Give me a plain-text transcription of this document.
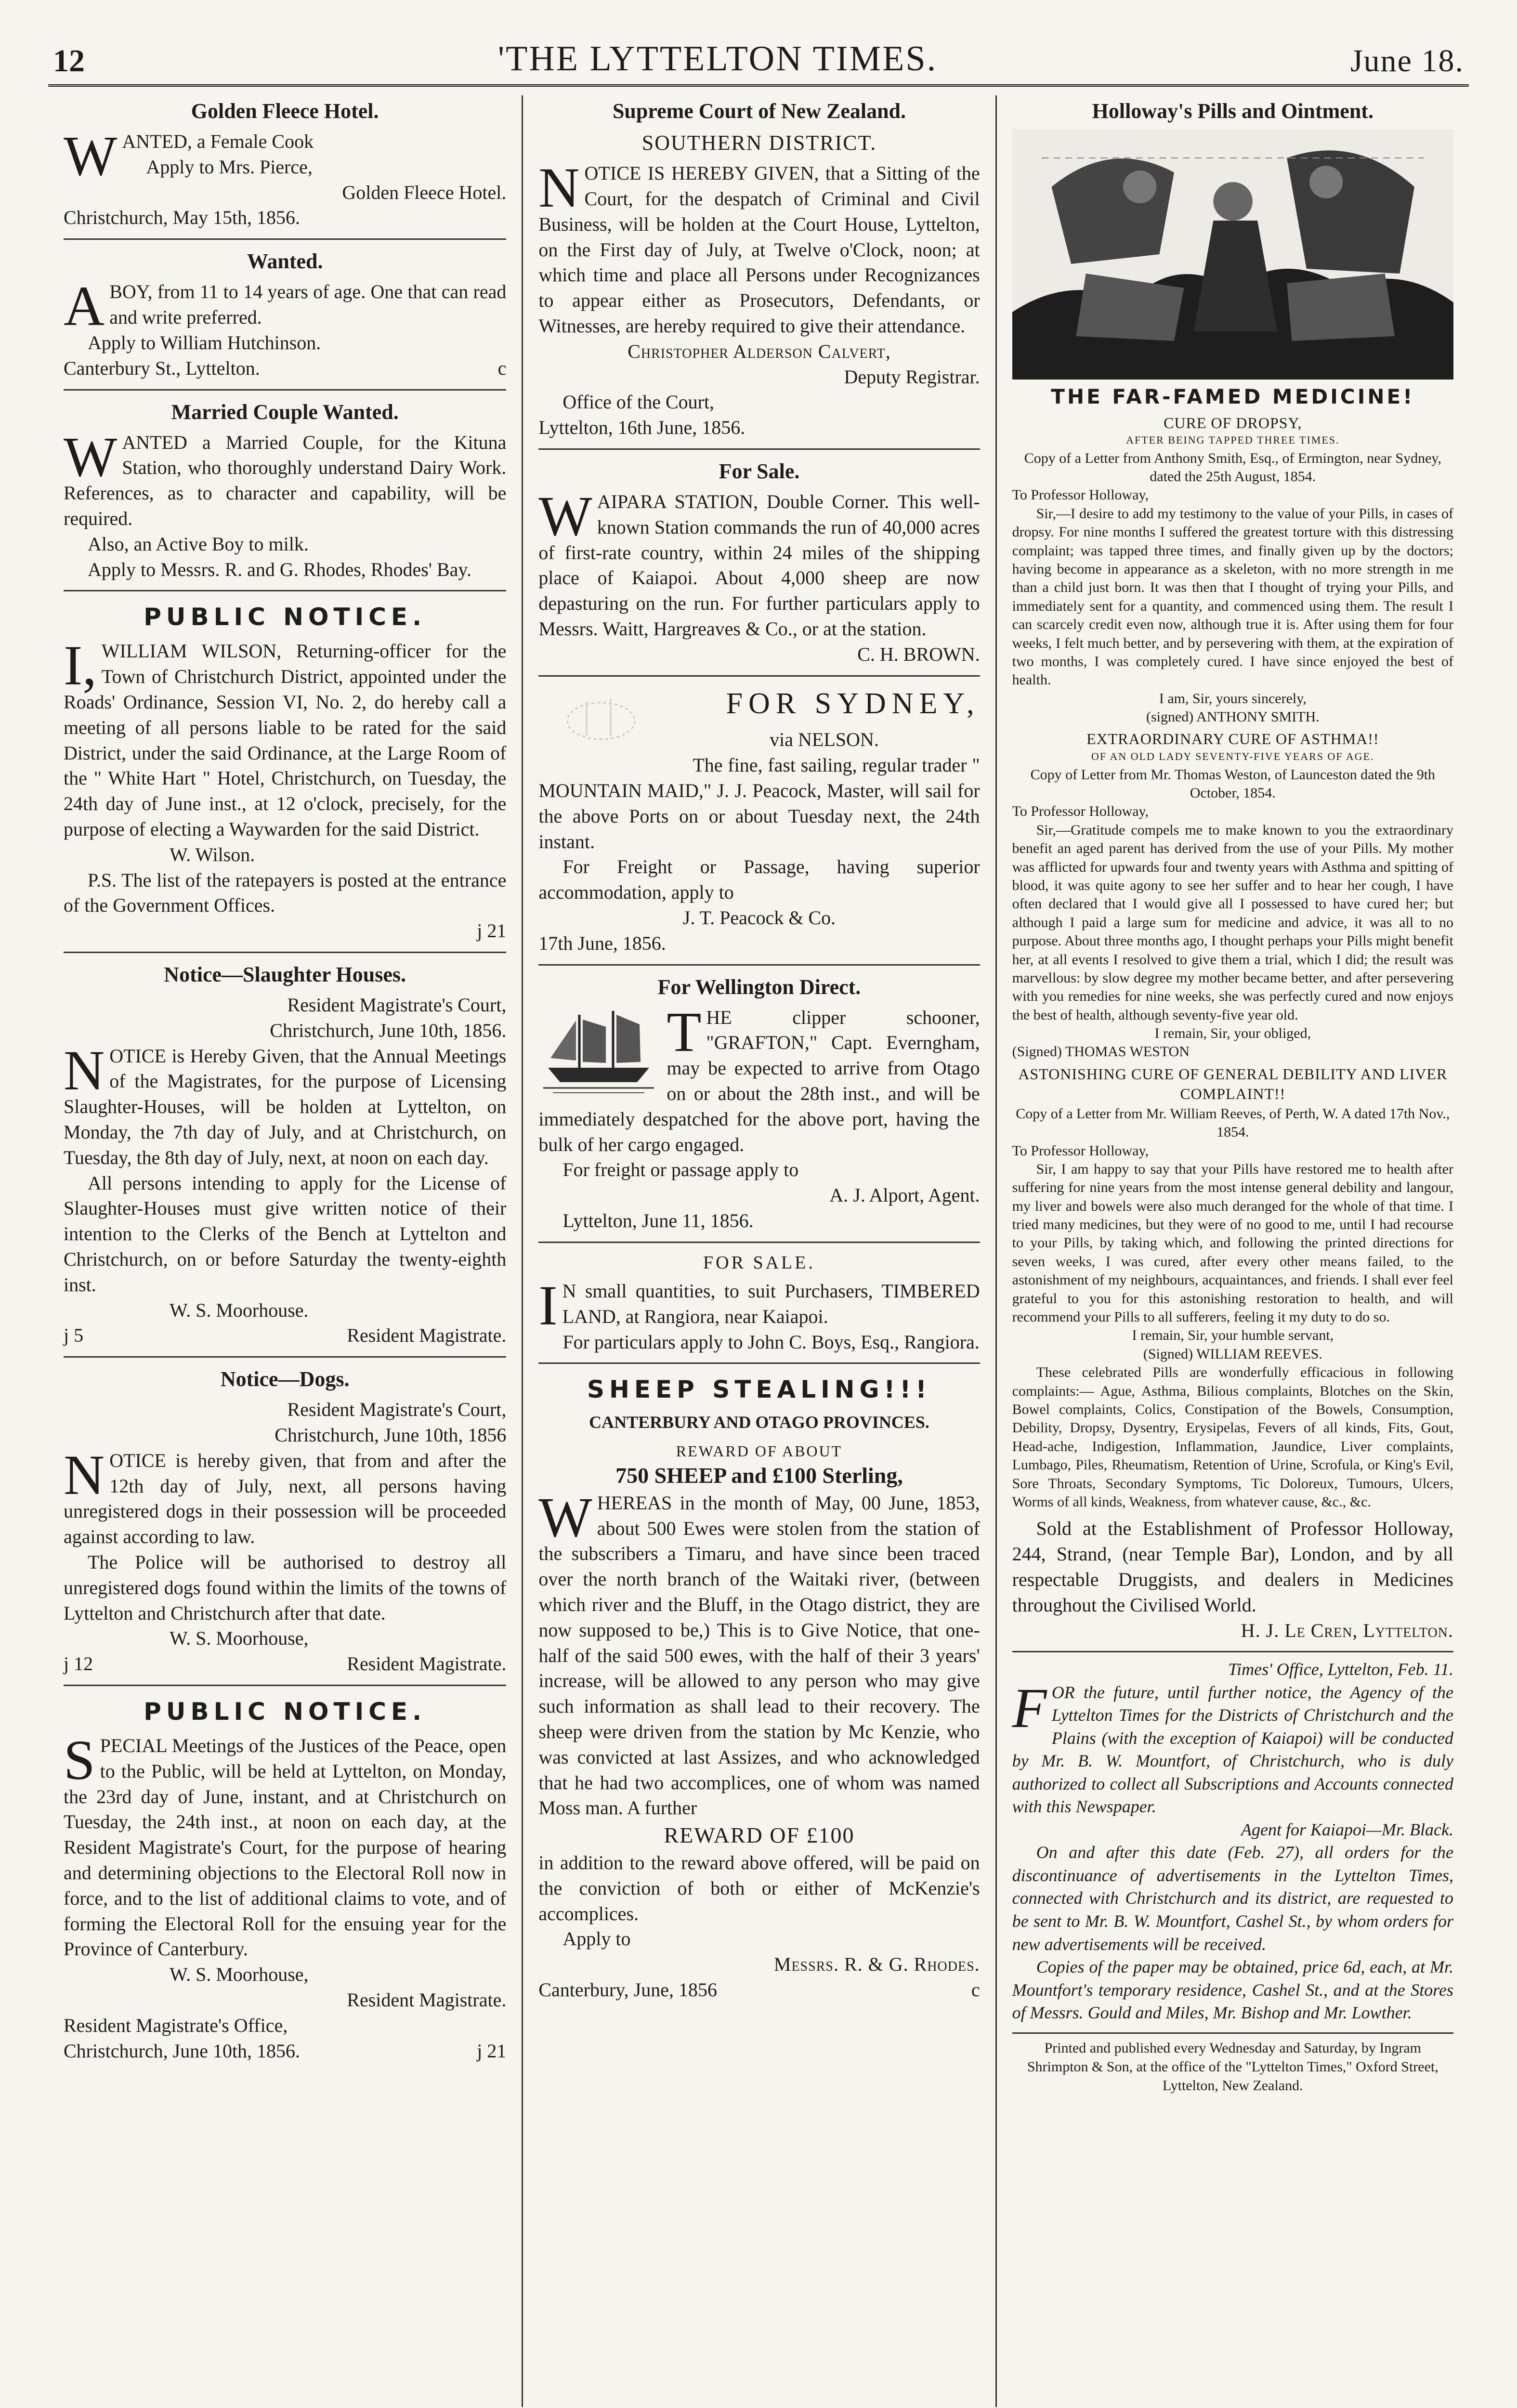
12	'THE LYTTELTON TIMES.	June 18.

Golden Fleece Hotel.

WANTED, a Female Cook

Apply to Mrs. Pierce,

Golden Fleece Hotel.

Christchurch, May 15th, 1856.

Wanted.

ABOY, from 11 to 14 years of age. One that can read and write preferred.

Apply to William Hutchinson.

Canterbury St., Lyttelton.	c

Married Couple Wanted.

WANTED a Married Couple, for the Kituna Station, who thoroughly understand Dairy Work. References, as to character and capability, will be required.

Also, an Active Boy to milk.

Apply to Messrs. R. and G. Rhodes, Rhodes' Bay.

PUBLIC NOTICE.

I,WILLIAM WILSON, Returning-officer for the Town of Christchurch District, appointed under the Roads' Ordinance, Session VI, No. 2, do hereby call a meeting of all persons liable to be rated for the said District, under the said Ordinance, at the Large Room of the " White Hart " Hotel, Christchurch, on Tuesday, the 24th day of June inst., at 12 o'clock, precisely, for the purpose of electing a Waywarden for the said District.

W. Wilson.

P.S. The list of the ratepayers is posted at the entrance of the Government Offices.

j 21

Notice—Slaughter Houses.

Resident Magistrate's Court,

Christchurch, June 10th, 1856.

NOTICE is Hereby Given, that the Annual Meetings of the Magistrates, for the purpose of Licensing Slaughter-Houses, will be holden at Lyttelton, on Monday, the 7th day of July, and at Christchurch, on Tuesday, the 8th day of July, next, at noon on each day.

All persons intending to apply for the License of Slaughter-Houses must give written notice of their intention to the Clerks of the Bench at Lyttelton and Christchurch, on or before Saturday the twenty-eighth inst.

W. S. Moorhouse.

j 5	Resident Magistrate.

Notice—Dogs.

Resident Magistrate's Court,

Christchurch, June 10th, 1856

NOTICE is hereby given, that from and after the 12th day of July, next, all persons having unregistered dogs in their possession will be proceeded against according to law.

The Police will be authorised to destroy all unregistered dogs found within the limits of the towns of Lyttelton and Christchurch after that date.

W. S. Moorhouse,

j 12	Resident Magistrate.

PUBLIC NOTICE.

SPECIAL Meetings of the Justices of the Peace, open to the Public, will be held at Lyttelton, on Monday, the 23rd day of June, instant, and at Christchurch on Tuesday, the 24th inst., at noon on each day, at the Resident Magistrate's Court, for the purpose of hearing and determining objections to the Electoral Roll now in force, and to the list of additional claims to vote, and of forming the Electoral Roll for the ensuing year for the Province of Canterbury.

W. S. Moorhouse,

Resident Magistrate.

Resident Magistrate's Office,

Christchurch, June 10th, 1856.	j 21

Supreme Court of New Zealand.

SOUTHERN DISTRICT.

NOTICE IS HEREBY GIVEN, that a Sitting of the Court, for the despatch of Criminal and Civil Business, will be holden at the Court House, Lyttelton, on the First day of July, at Twelve o'Clock, noon; at which time and place all Persons under Recognizances to appear either as Prosecutors, Defendants, or Witnesses, are hereby required to give their attendance.

Christopher Alderson Calvert,

Deputy Registrar.

Office of the Court,

Lyttelton, 16th June, 1856.

For Sale.

WAIPARA STATION, Double Corner. This well-known Station commands the run of 40,000 acres of first-rate country, within 24 miles of the shipping place of Kaiapoi. About 4,000 sheep are now depasturing on the run. For further particulars apply to Messrs. Waitt, Hargreaves & Co., or at the station.

C. H. BROWN.

FOR SYDNEY,

via NELSON.

The fine, fast sailing, regular trader " MOUNTAIN MAID," J. J. Peacock, Master, will sail for the above Ports on or about Tuesday next, the 24th instant.

For Freight or Passage, having superior accommodation, apply to

J. T. Peacock & Co.

17th June, 1856.

For Wellington Direct.

THE clipper schooner, "GRAFTON," Capt. Everngham, may be expected to arrive from Otago on or about the 28th inst., and will be immediately despatched for the above port, having the bulk of her cargo engaged.

For freight or passage apply to

A. J. Alport, Agent.

Lyttelton, June 11, 1856.

FOR SALE.

IN small quantities, to suit Purchasers, TIMBERED LAND, at Rangiora, near Kaiapoi.

For particulars apply to John C. Boys, Esq., Rangiora.

SHEEP STEALING!!!

CANTERBURY AND OTAGO PROVINCES.

REWARD OF ABOUT

750 SHEEP and £100 Sterling,

WHEREAS in the month of May, 00 June, 1853, about 500 Ewes were stolen from the station of the subscribers a Timaru, and have since been traced over the north branch of the Waitaki river, (between which river and the Bluff, in the Otago district, they are now supposed to be,) This is to Give Notice, that one-half of the said 500 ewes, with the half of their 3 years' increase, will be allowed to any person who may give such information as shall lead to their recovery. The sheep were driven from the station by Mc Kenzie, who was convicted at last Assizes, and who acknowledged that he had two accomplices, one of whom was named Moss man. A further

REWARD OF £100

in addition to the reward above offered, will be paid on the conviction of both or either of McKenzie's accomplices.

Apply to

Messrs. R. & G. Rhodes.

Canterbury, June, 1856	c

Holloway's Pills and Ointment.

THE FAR-FAMED MEDICINE!

CURE OF DROPSY,

AFTER BEING TAPPED THREE TIMES.

Copy of a Letter from Anthony Smith, Esq., of Ermington, near Sydney, dated the 25th August, 1854.

To Professor Holloway,

Sir,—I desire to add my testimony to the value of your Pills, in cases of dropsy. For nine months I suffered the greatest torture with this distressing complaint; was tapped three times, and finally given up by the doctors; having become in appearance as a skeleton, with no more strength in me than a child just born. It was then that I thought of trying your Pills, and immediately sent for a quantity, and commenced using them. The result I can scarcely credit even now, although true it is. After using them for four weeks, I felt much better, and by persevering with them, at the expiration of two months, I was completely cured. I have since enjoyed the best of health.

I am, Sir, yours sincerely,

(signed) ANTHONY SMITH.

EXTRAORDINARY CURE OF ASTHMA!!

OF AN OLD LADY SEVENTY-FIVE YEARS OF AGE.

Copy of Letter from Mr. Thomas Weston, of Launceston dated the 9th October, 1854.

To Professor Holloway,

Sir,—Gratitude compels me to make known to you the extraordinary benefit an aged parent has derived from the use of your Pills. My mother was afflicted for upwards four and twenty years with Asthma and spitting of blood, it was quite agony to see her suffer and to hear her cough, I have often declared that I would give all I possessed to have cured her; but although I paid a large sum for medicine and advice, it was all to no purpose. About three months ago, I thought perhaps your Pills might benefit her, at all events I resolved to give them a trial, which I did; the result was marvellous: by slow degree my mother became better, and after persevering with you remedies for nine weeks, she was perfectly cured and now enjoys the best of health, although seventy-five year old.

I remain, Sir, your obliged,

(Signed) THOMAS WESTON

ASTONISHING CURE OF GENERAL DEBILITY AND LIVER COMPLAINT!!

Copy of a Letter from Mr. William Reeves, of Perth, W. A dated 17th Nov., 1854.

To Professor Holloway,

Sir, I am happy to say that your Pills have restored me to health after suffering for nine years from the most intense general debility and langour, my liver and bowels were also much deranged for the whole of that time. I tried many medicines, but they were of no good to me, until I had recourse to your Pills, by taking which, and following the printed directions for seven weeks, I was cured, after every other means failed, to the astonishment of my neighbours, acquaintances, and friends. I shall ever feel grateful to you for this astonishing restoration to health, and will recommend your Pills to all sufferers, feeling it my duty to do so.

I remain, Sir, your humble servant,

(Signed) WILLIAM REEVES.

These celebrated Pills are wonderfully efficacious in following complaints:— Ague, Asthma, Bilious complaints, Blotches on the Skin, Bowel complaints, Colics, Constipation of the Bowels, Consumption, Debility, Dropsy, Dysentry, Erysipelas, Fevers of all kinds, Fits, Gout, Head-ache, Indigestion, Inflammation, Jaundice, Liver complaints, Lumbago, Piles, Rheumatism, Retention of Urine, Scrofula, or King's Evil, Sore Throats, Secondary Symptoms, Tic Doloreux, Tumours, Ulcers, Worms of all kinds, Weakness, from whatever cause, &c., &c.

Sold at the Establishment of Professor Holloway, 244, Strand, (near Temple Bar), London, and by all respectable Druggists, and dealers in Medicines throughout the Civilised World.

H. J. Le Cren, Lyttelton.

Times' Office, Lyttelton, Feb. 11.

FOR the future, until further notice, the Agency of the Lyttelton Times for the Districts of Christchurch and the Plains (with the exception of Kaiapoi) will be conducted by Mr. B. W. Mountfort, of Christchurch, who is duly authorized to collect all Subscriptions and Accounts connected with this Newspaper.

Agent for Kaiapoi—Mr. Black.

On and after this date (Feb. 27), all orders for the discontinuance of advertisements in the Lyttelton Times, connected with Christchurch and its district, are requested to be sent to Mr. B. W. Mountfort, Cashel St., by whom orders for new advertisements will be received.

Copies of the paper may be obtained, price 6d, each, at Mr. Mountfort's temporary residence, Cashel St., and at the Stores of Messrs. Gould and Miles, Mr. Bishop and Mr. Lowther.

Printed and published every Wednesday and Saturday, by Ingram Shrimpton & Son, at the office of the "Lyttelton Times," Oxford Street, Lyttelton, New Zealand.
